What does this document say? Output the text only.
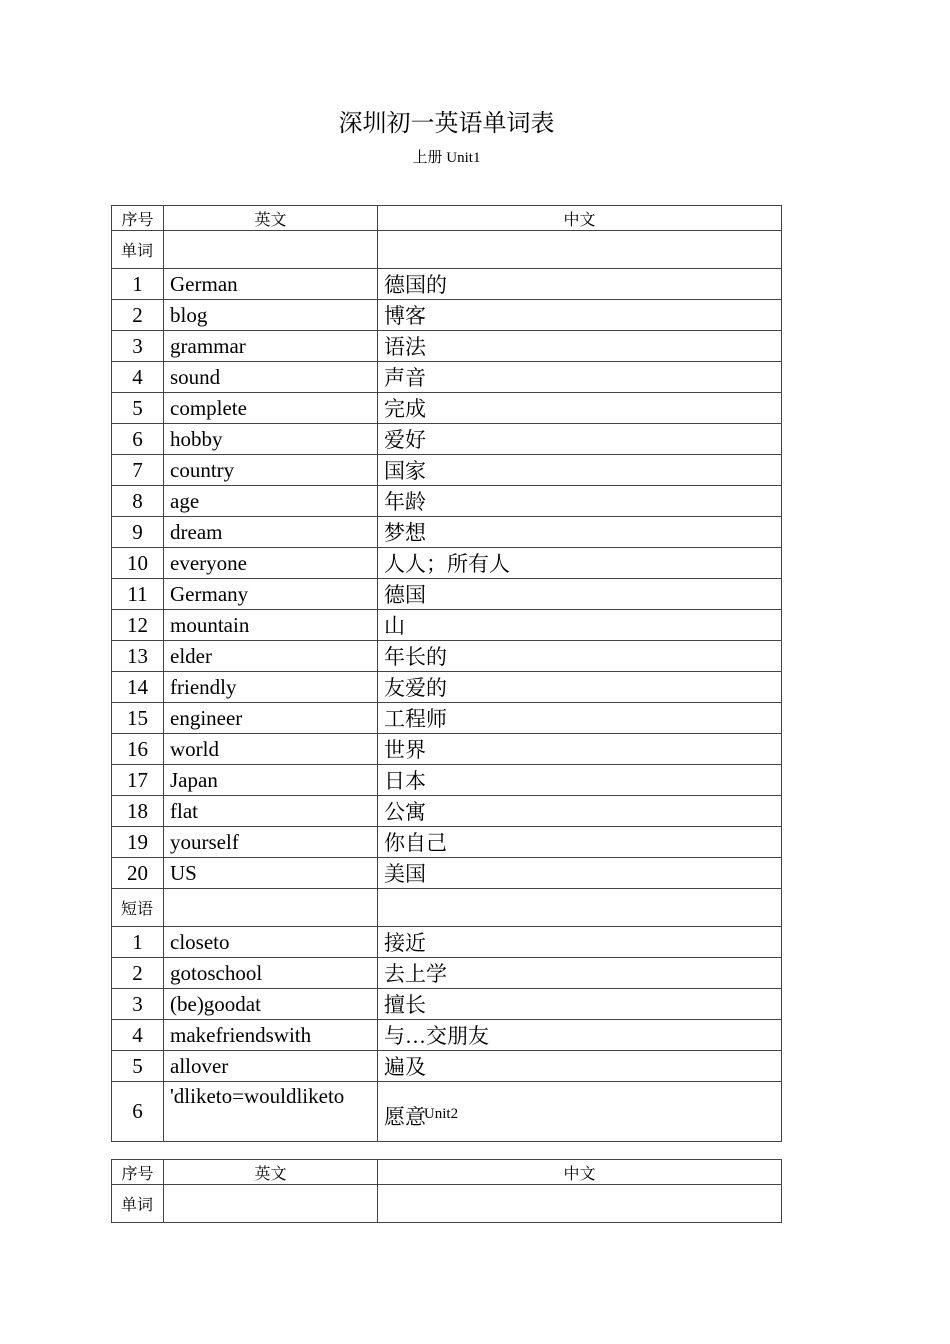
深圳初一英语单词表
上册 Unit1
序号	英文	中文
单词		
1	German	德国的
2	blog	博客
3	grammar	语法
4	sound	声音
5	complete	完成
6	hobby	爱好
7	country	国家
8	age	年龄
9	dream	梦想
10	everyone	人人；所有人
11	Germany	德国
12	mountain	山
13	elder	年长的
14	friendly	友爱的
15	engineer	工程师
16	world	世界
17	Japan	日本
18	flat	公寓
19	yourself	你自己
20	US	美国
短语		
1	closeto	接近
2	gotoschool	去上学
3	(be)goodat	擅长
4	makefriendswith	与…交朋友
5	allover	遍及
6	'dliketo=wouldliketo	愿意
Unit2
序号	英文	中文
单词		
